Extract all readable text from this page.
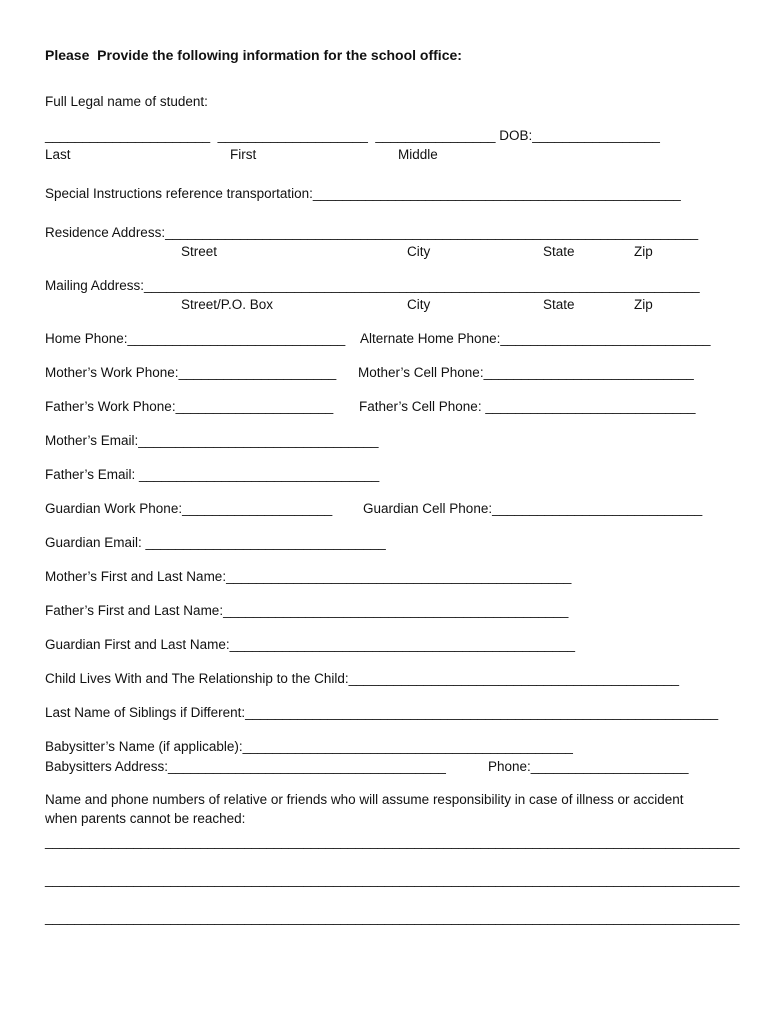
Please  Provide the following information for the school office:
Full Legal name of student:
______________________  ____________________  ________________ DOB:_________________
Last	First	Middle
Special Instructions reference transportation:_________________________________________________
Residence Address:_______________________________________________________________________
Street	City	State	Zip
Mailing Address:__________________________________________________________________________
Street/P.O. Box	City	State	Zip
Home Phone:_____________________________ Alternate Home Phone:____________________________
Mother’s Work Phone:_____________________ Mother’s Cell Phone:____________________________
Father’s Work Phone:_____________________ Father’s Cell Phone: ____________________________
Mother’s Email:________________________________
Father’s Email: ________________________________
Guardian Work Phone:____________________ Guardian Cell Phone:____________________________
Guardian Email: ________________________________
Mother’s First and Last Name:______________________________________________
Father’s First and Last Name:______________________________________________
Guardian First and Last Name:______________________________________________
Child Lives With and The Relationship to the Child:____________________________________________
Last Name of Siblings if Different:_______________________________________________________________
Babysitter’s Name (if applicable):____________________________________________
Babysitters Address:_____________________________________	Phone:_____________________
Name and phone numbers of relative or friends who will assume responsibility in case of illness or accident
when parents cannot be reached:
______________________________________________________________________________________________
______________________________________________________________________________________________
______________________________________________________________________________________________
